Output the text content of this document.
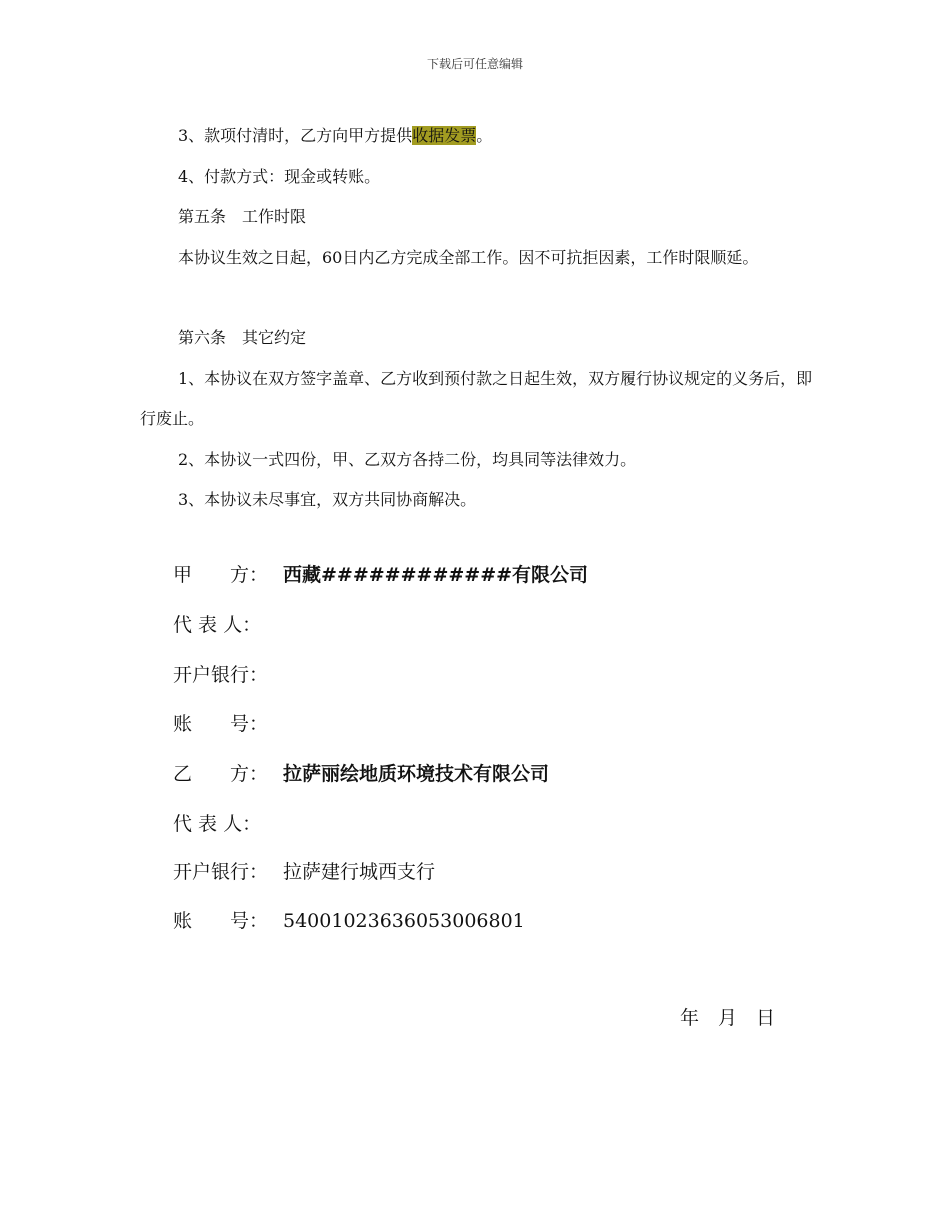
下载后可任意编辑

3、款项付清时，乙方向甲方提供收据发票。

4、付款方式：现金或转账。

第五条　工作时限

本协议生效之日起，60日内乙方完成全部工作。因不可抗拒因素，工作时限顺延。

第六条　其它约定

1、本协议在双方签字盖章、乙方收到预付款之日起生效，双方履行协议规定的义务后，即行废止。

2、本协议一式四份，甲、乙双方各持二份，均具同等法律效力。

3、本协议未尽事宜，双方共同协商解决。

甲　　方： 西藏############有限公司
代 表 人：
开户银行：
账　　号：
乙　　方： 拉萨丽绘地质环境技术有限公司
代 表 人：
开户银行： 拉萨建行城西支行
账　　号： 54001023636053006801
年　月　日
